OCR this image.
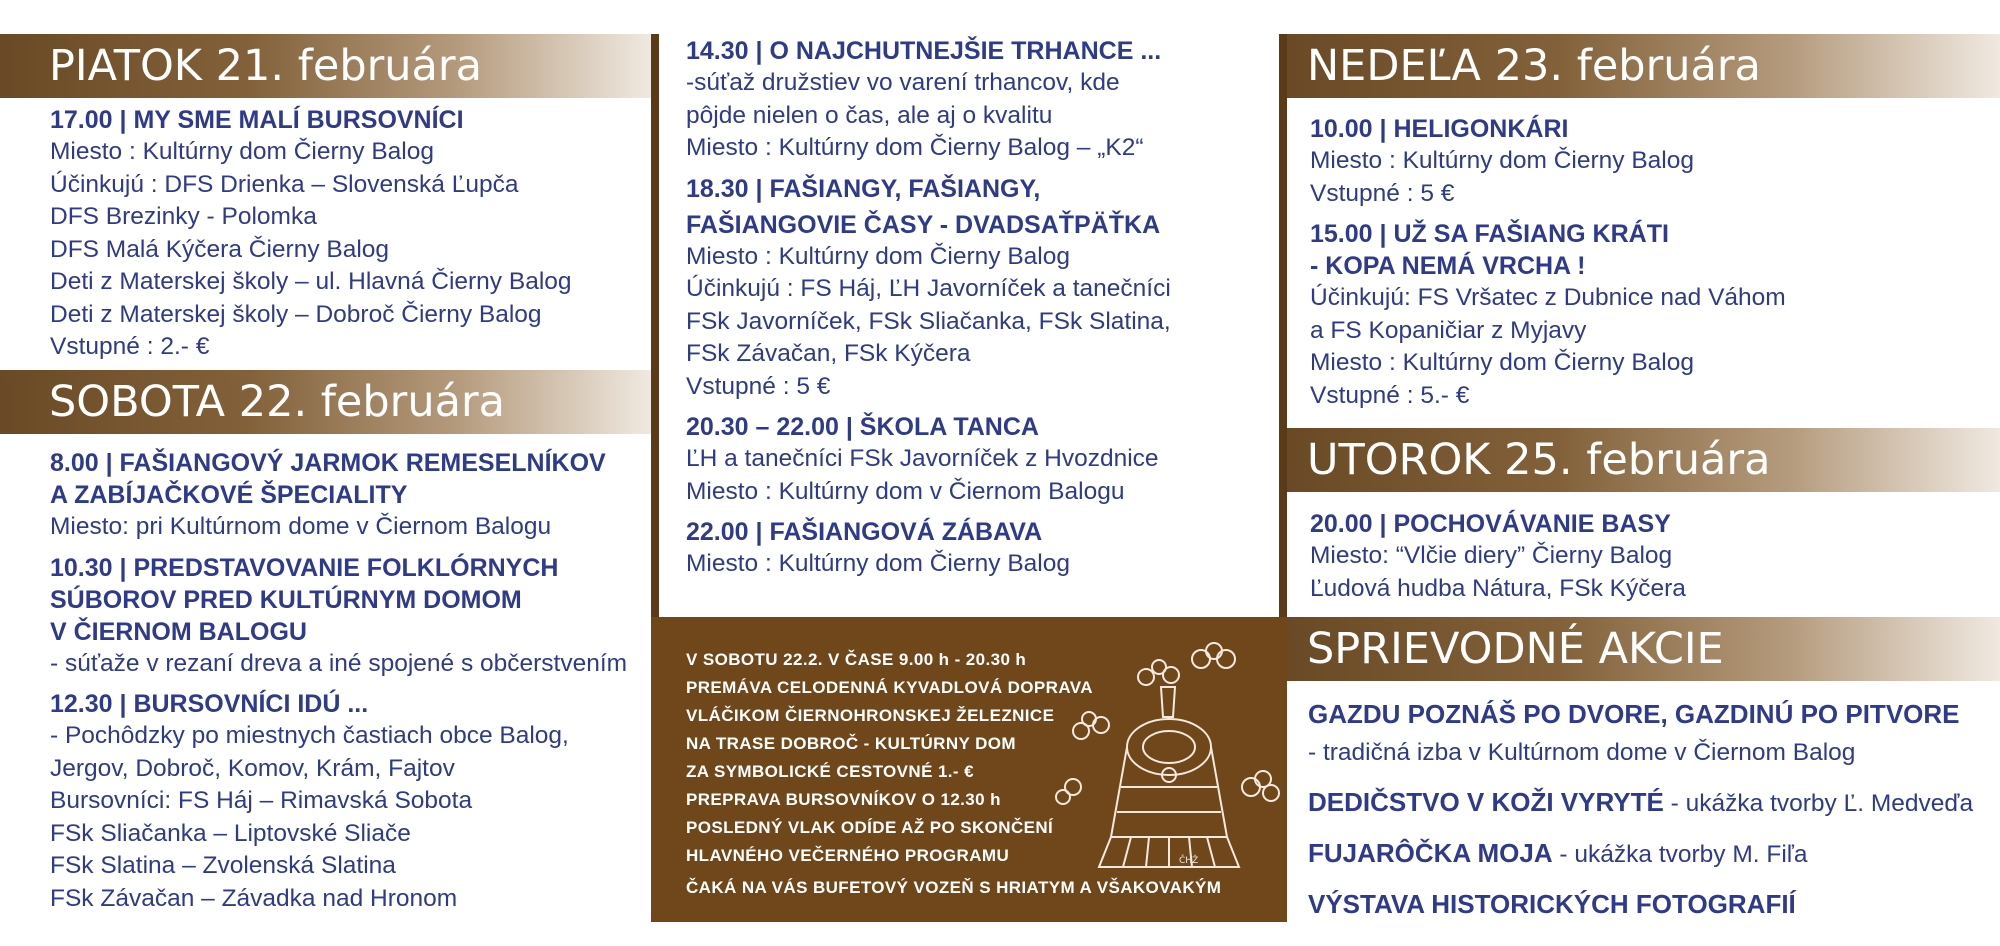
PIATOK 21. februára
17.00 | MY SME MALÍ BURSOVNÍCI
Miesto : Kultúrny dom Čierny Balog
Účinkujú : DFS Drienka – Slovenská Ľupča
DFS Brezinky - Polomka
DFS Malá Kýčera Čierny Balog
Deti z Materskej školy – ul. Hlavná Čierny Balog
Deti z Materskej školy – Dobroč Čierny Balog
Vstupné : 2.- €
SOBOTA 22. februára
8.00 | FAŠIANGOVÝ JARMOK REMESELNÍKOV
A ZABÍJAČKOVÉ ŠPECIALITY
Miesto: pri Kultúrnom dome v Čiernom Balogu
10.30 | PREDSTAVOVANIE FOLKLÓRNYCH
SÚBOROV PRED KULTÚRNYM DOMOM
V ČIERNOM BALOGU
- súťaže v rezaní dreva a iné spojené s občerstvením
12.30 | BURSOVNÍCI IDÚ ...
- Pochôdzky po miestnych častiach obce Balog,
Jergov, Dobroč, Komov, Krám, Fajtov
Bursovníci: FS Háj – Rimavská Sobota
FSk Sliačanka – Liptovské Sliače
FSk Slatina – Zvolenská Slatina
FSk Závačan – Závadka nad Hronom
14.30 | O NAJCHUTNEJŠIE TRHANCE ...
-súťaž družstiev vo varení trhancov, kde
pôjde nielen o čas, ale aj o kvalitu
Miesto : Kultúrny dom Čierny Balog – „K2“
18.30 | FAŠIANGY, FAŠIANGY,
FAŠIANGOVIE ČASY - DVADSAŤPÄŤKA
Miesto : Kultúrny dom Čierny Balog
Účinkujú : FS Háj, ĽH Javorníček a tanečníci
FSk Javorníček, FSk Sliačanka, FSk Slatina,
FSk Závačan, FSk Kýčera
Vstupné : 5 €
20.30 – 22.00 | ŠKOLA TANCA
ĽH a tanečníci FSk Javorníček z Hvozdnice
Miesto : Kultúrny dom v Čiernom Balogu
22.00 | FAŠIANGOVÁ ZÁBAVA
Miesto : Kultúrny dom Čierny Balog
V SOBOTU 22.2. V ČASE 9.00 h - 20.30 h
PREMÁVA CELODENNÁ KYVADLOVÁ DOPRAVA
VLÁČIKOM ČIERNOHRONSKEJ ŽELEZNICE
NA TRASE DOBROČ - KULTÚRNY DOM
ZA SYMBOLICKÉ CESTOVNÉ 1.- €
PREPRAVA BURSOVNÍKOV O 12.30 h
POSLEDNÝ VLAK ODÍDE AŽ PO SKONČENÍ
HLAVNÉHO VEČERNÉHO PROGRAMU
ČAKÁ NA VÁS BUFETOVÝ VOZEŇ S HRIATYM A VŠAKOVAKÝM
ČHŽ
NEDEĽA 23. februára
10.00 | HELIGONKÁRI
Miesto : Kultúrny dom Čierny Balog
Vstupné : 5 €
15.00 | UŽ SA FAŠIANG KRÁTI
- KOPA NEMÁ VRCHA !
Účinkujú: FS Vršatec z Dubnice nad Váhom
a FS Kopaničiar z Myjavy
Miesto : Kultúrny dom Čierny Balog
Vstupné : 5.- €
UTOROK 25. februára
20.00 | POCHOVÁVANIE BASY
Miesto: “Vlčie diery” Čierny Balog
Ľudová hudba Nátura, FSk Kýčera
SPRIEVODNÉ AKCIE
GAZDU POZNÁŠ PO DVORE, GAZDINÚ PO PITVORE
- tradičná izba v Kultúrnom dome v Čiernom Balog
DEDIČSTVO V KOŽI VYRYTÉ - ukážka tvorby Ľ. Medveďa
FUJARÔČKA MOJA - ukážka tvorby M. Fiľa
VÝSTAVA HISTORICKÝCH FOTOGRAFIÍ
